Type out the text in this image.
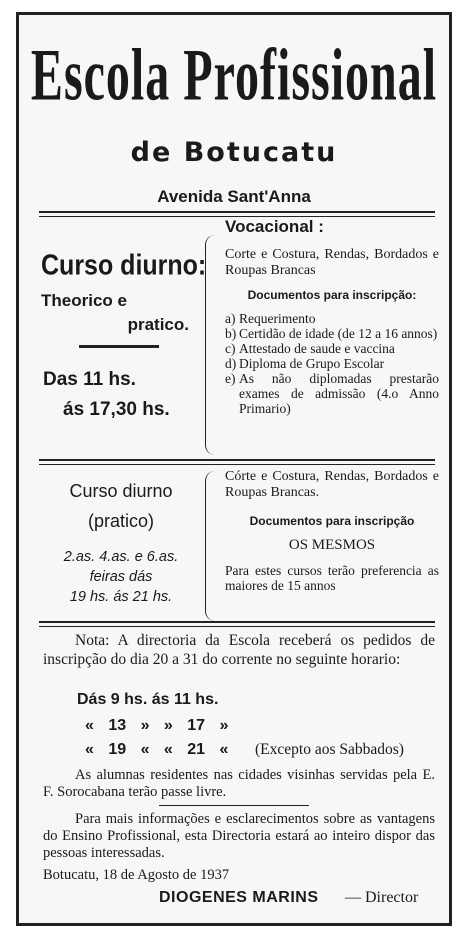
Escola Profissional
de Botucatu
Avenida Sant'Anna
Curso diurno:
Theorico e
pratico.
Das 11 hs.
ás 17,30 hs.
Vocacional :
Corte e Costura, Rendas, Bordados e Roupas Brancas
Documentos para inscripção:
a) Requerimento
b) Certidão de idade (de 12 a 16 annos)
c) Attestado de saude e vaccina
d) Diploma de Grupo Escolar
e) As não diplomadas prestarão exames de admissão (4.o Anno Primario)
Curso diurno
(pratico)
2.as. 4.as. e 6.as.
feiras dás
19 hs. ás 21 hs.
Córte e Costura, Rendas, Bordados e Roupas Brancas.
Documentos para inscripção
OS MESMOS
Para estes cursos terão preferencia as maiores de 15 annos
Nota: A directoria da Escola receberá os pedidos de inscripção do dia 20 a 31 do corrente no seguinte horario:
Dás 9 hs. ás 11 hs.
« 13 » » 17 »
« 19 « « 21 « (Excepto aos Sabbados)
As alumnas residentes nas cidades visinhas servidas pela E. F. Sorocabana terão passe livre.
Para mais informações e esclarecimentos sobre as vantagens do Ensino Profissional, esta Directoria estará ao inteiro dispor das pessoas interessadas.
Botucatu, 18 de Agosto de 1937
DIOGENES MARINS — Director
